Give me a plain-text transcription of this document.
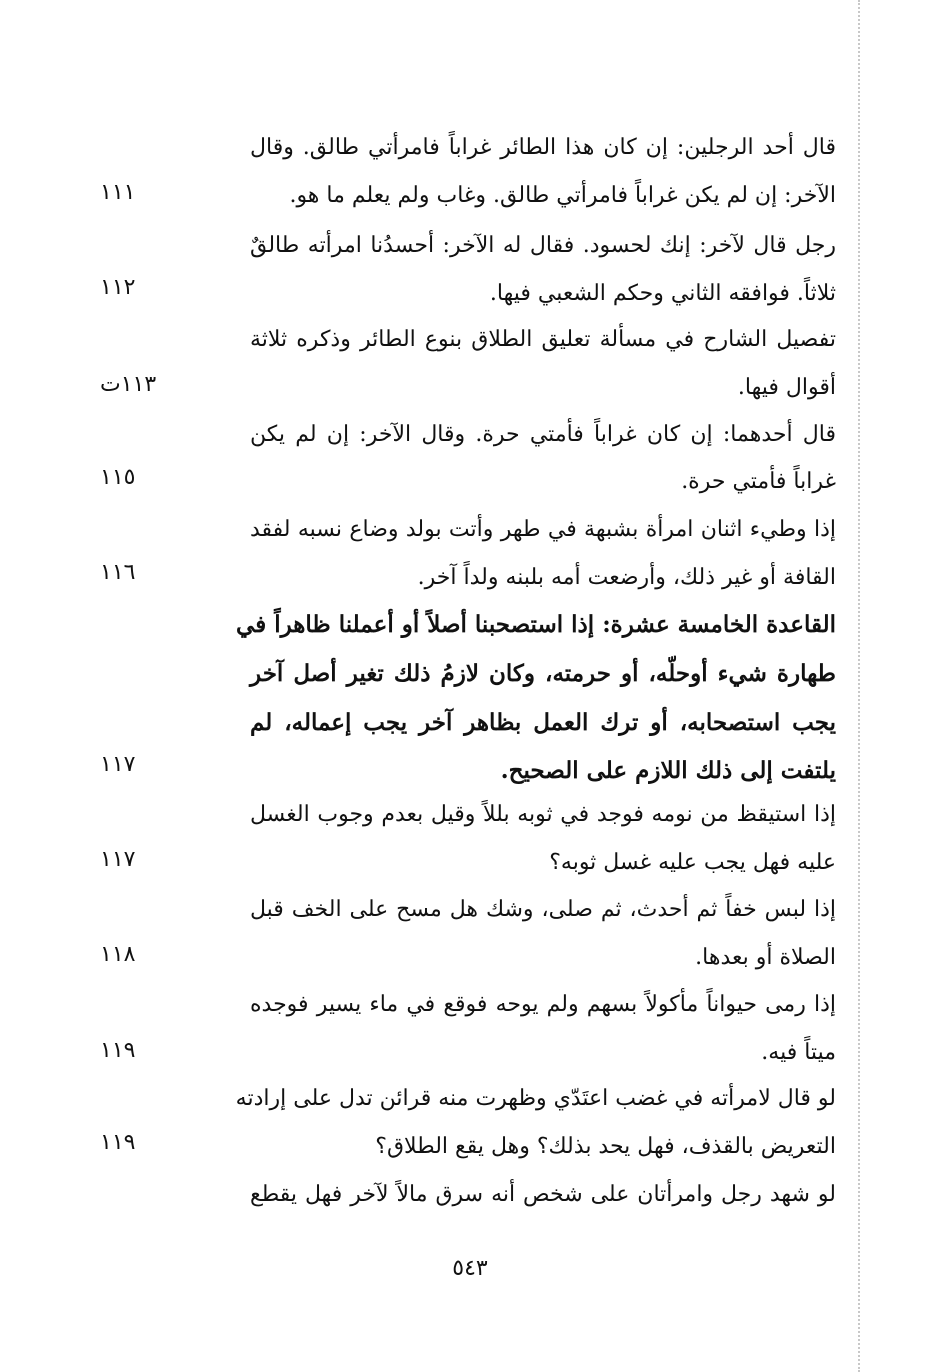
قال أحد الرجلين: إن كان هذا الطائر غراباً فامرأتي طالق. وقال
الآخر: إن لم يكن غراباً فامرأتي طالق. وغاب ولم يعلم ما هو.
١١١
رجل قال لآخر: إنك لحسود. فقال له الآخر: أحسدُنا امرأته طالقٌ
ثلاثاً. فوافقه الثاني وحكم الشعبي فيها.
١١٢
تفصيل الشارح في مسألة تعليق الطلاق بنوع الطائر وذكره ثلاثة
أقوال فيها.
١١٣ت
قال أحدهما: إن كان غراباً فأمتي حرة. وقال الآخر: إن لم يكن
غراباً فأمتي حرة.
١١٥
إذا وطيء اثنان امرأة بشبهة في طهر وأتت بولد وضاع نسبه لفقد
القافة أو غير ذلك، وأرضعت أمه بلبنه ولداً آخر.
١١٦
القاعدة الخامسة عشرة: إذا استصحبنا أصلاً أو أعملنا ظاهراً في
طهارة شيء أوحلّه، أو حرمته، وكان لازمُ ذلك تغير أصل آخر
يجب استصحابه، أو ترك العمل بظاهر آخر يجب إعماله، لم
يلتفت إلى ذلك اللازم على الصحيح.
١١٧
إذا استيقظ من نومه فوجد في ثوبه بللاً وقيل بعدم وجوب الغسل
عليه فهل يجب عليه غسل ثوبه؟
١١٧
إذا لبس خفاً ثم أحدث، ثم صلى، وشك هل مسح على الخف قبل
الصلاة أو بعدها.
١١٨
إذا رمى حيواناً مأكولاً بسهم ولم يوحه فوقع في ماء يسير فوجده
ميتاً فيه.
١١٩
لو قال لامرأته في غضب اعتَدّي وظهرت منه قرائن تدل على إرادته
التعريض بالقذف، فهل يحد بذلك؟ وهل يقع الطلاق؟
١١٩
لو شهد رجل وامرأتان على شخص أنه سرق مالاً لآخر فهل يقطع
٥٤٣
